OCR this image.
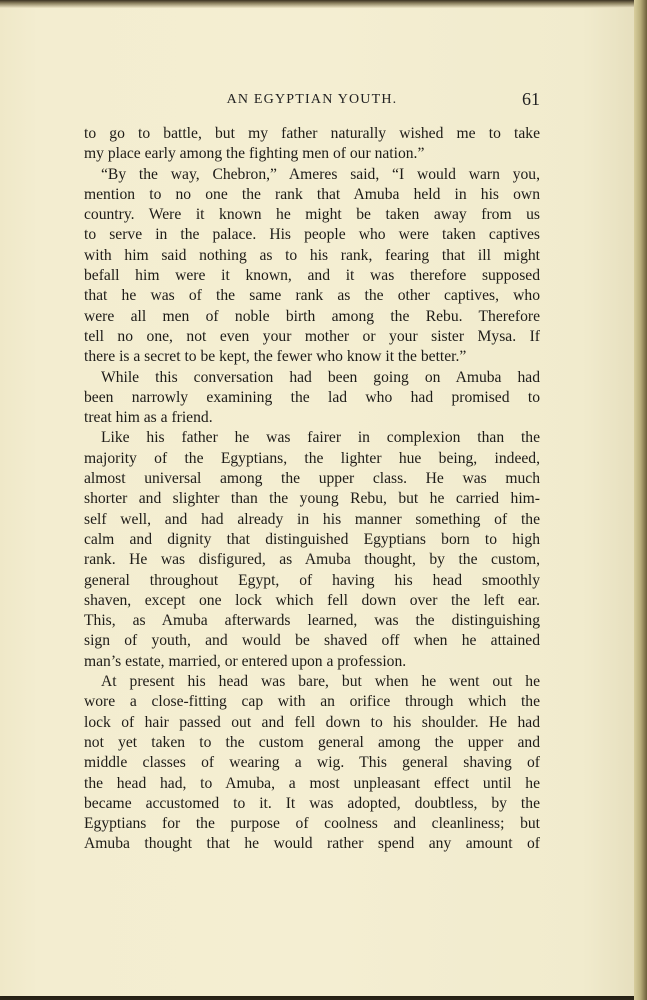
AN EGYPTIAN YOUTH.	61
to go to battle, but my father naturally wished me to take
my place early among the fighting men of our nation.”
“By the way, Chebron,” Ameres said, “I would warn you,
mention to no one the rank that Amuba held in his own
country. Were it known he might be taken away from us
to serve in the palace. His people who were taken captives
with him said nothing as to his rank, fearing that ill might
befall him were it known, and it was therefore supposed
that he was of the same rank as the other captives, who
were all men of noble birth among the Rebu. Therefore
tell no one, not even your mother or your sister Mysa. If
there is a secret to be kept, the fewer who know it the better.”
While this conversation had been going on Amuba had
been narrowly examining the lad who had promised to
treat him as a friend.
Like his father he was fairer in complexion than the
majority of the Egyptians, the lighter hue being, indeed,
almost universal among the upper class. He was much
shorter and slighter than the young Rebu, but he carried him-
self well, and had already in his manner something of the
calm and dignity that distinguished Egyptians born to high
rank. He was disfigured, as Amuba thought, by the custom,
general throughout Egypt, of having his head smoothly
shaven, except one lock which fell down over the left ear.
This, as Amuba afterwards learned, was the distinguishing
sign of youth, and would be shaved off when he attained
man’s estate, married, or entered upon a profession.
At present his head was bare, but when he went out he
wore a close-fitting cap with an orifice through which the
lock of hair passed out and fell down to his shoulder. He had
not yet taken to the custom general among the upper and
middle classes of wearing a wig. This general shaving of
the head had, to Amuba, a most unpleasant effect until he
became accustomed to it. It was adopted, doubtless, by the
Egyptians for the purpose of coolness and cleanliness; but
Amuba thought that he would rather spend any amount of
